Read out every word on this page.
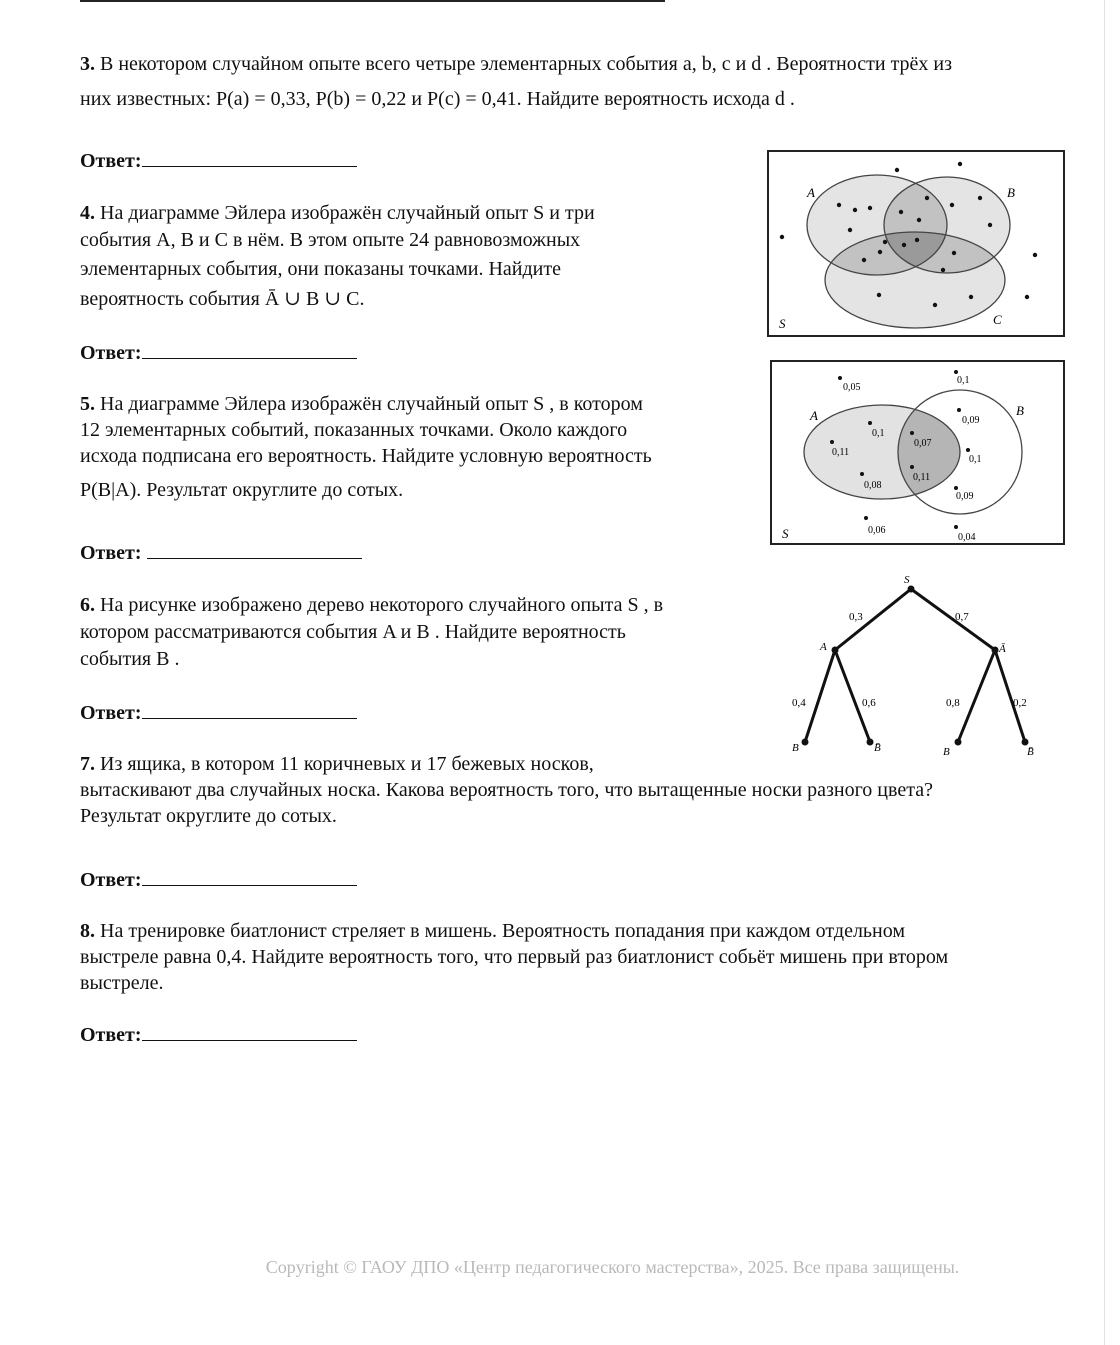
3. В некотором случайном опыте всего четыре элементарных события a, b, c и d . Вероятности трёх из
них известных: P(a) = 0,33, P(b) = 0,22 и P(c) = 0,41. Найдите вероятность исхода d .
Ответ:
4. На диаграмме Эйлера изображён случайный опыт S и три
события A, B и C в нём. В этом опыте 24 равновозможных
элементарных события, они показаны точками. Найдите
вероятность события Ā ∪ B ∪ C.
Ответ:
5. На диаграмме Эйлера изображён случайный опыт S , в котором
12 элементарных событий, показанных точками. Около каждого
исхода подписана его вероятность. Найдите условную вероятность
P(B|A). Результат округлите до сотых.
Ответ:
6. На рисунке изображено дерево некоторого случайного опыта S , в
котором рассматриваются события A и B . Найдите вероятность
события B .
Ответ:
7. Из ящика, в котором 11 коричневых и 17 бежевых носков,
вытаскивают два случайных носка. Какова вероятность того, что вытащенные носки разного цвета?
Результат округлите до сотых.
Ответ:
8. На тренировке биатлонист стреляет в мишень. Вероятность попадания при каждом отдельном
выстреле равна 0,4. Найдите вероятность того, что первый раз биатлонист собьёт мишень при втором
выстреле.
Ответ:
A	B
C
S
0,05
0,1
0,09
0,1
0,07
0,11
0,1
0,08
0,11
0,09
0,06
0,04
A	B
S
S
A	Ā
B	B̄	B	B̄
0,3	0,7
0,4	0,6	0,8	0,2
Copyright © ГАОУ ДПО «Центр педагогического мастерства», 2025. Все права защищены.
